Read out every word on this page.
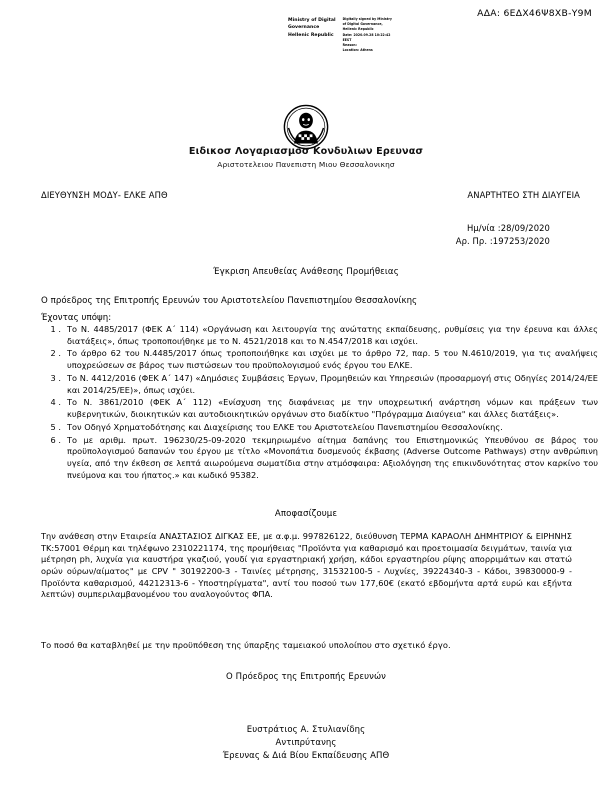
ΑΔΑ: 6ΕΔΧ46Ψ8ΧΒ-Υ9Μ
Ministry of Digital
Governance
Hellenic Republic
Digitally signed by Ministry
of Digital Governance,
Hellenic Republic
Date: 2020.09.28 10:22:42
EEST
Reason:
Location: Athens
Ειδικοσ Λογαριασμοσ Κονδυλιων Ερευνασ
Αριστοτελειου Πανεπιστη Μιου Θεσσαλονικησ
ΔΙΕΥΘΥΝΣΗ ΜΟΔΥ- ΕΛΚΕ ΑΠΘ	ΑΝΑΡΤΗΤΕΟ ΣΤΗ ΔΙΑΥΓΕΙΑ
Ημ/νία :28/09/2020
Αρ. Πρ. :197253/2020
Έγκριση Απευθείας Ανάθεσης Προμήθειας
Ο πρόεδρος της Επιτροπής Ερευνών του Αριστοτελείου Πανεπιστημίου Θεσσαλονίκης
Έχοντας υπόψη:
1 . Το Ν. 4485/2017 (ΦΕΚ Α΄ 114) «Οργάνωση και λειτουργία της ανώτατης εκπαίδευσης, ρυθμίσεις για την έρευνα και άλλες διατάξεις», όπως τροποποιήθηκε με το Ν. 4521/2018 και το Ν.4547/2018 και ισχύει.
2 . Το άρθρο 62 του Ν.4485/2017 όπως τροποποιήθηκε και ισχύει με το άρθρο 72, παρ. 5 του Ν.4610/2019, για τις αναλήψεις υποχρεώσεων σε βάρος των πιστώσεων του προϋπολογισμού ενός έργου του ΕΛΚΕ.
3 . Το Ν. 4412/2016 (ΦΕΚ Α΄ 147) «Δημόσιες Συμβάσεις Έργων, Προμηθειών και Υπηρεσιών (προσαρμογή στις Οδηγίες 2014/24/ΕΕ και 2014/25/ΕΕ)», όπως ισχύει.
4 . Το Ν. 3861/2010 (ΦΕΚ Α΄ 112) «Ενίσχυση της διαφάνειας με την υποχρεωτική ανάρτηση νόμων και πράξεων των κυβερνητικών, διοικητικών και αυτοδιοικητικών οργάνων στο διαδίκτυο "Πρόγραμμα Διαύγεια" και άλλες διατάξεις».
5 . Τον Οδηγό Χρηματοδότησης και Διαχείρισης του ΕΛΚΕ του Αριστοτελείου Πανεπιστημίου Θεσσαλονίκης.
6 . Το με αριθμ. πρωτ. 196230/25-09-2020 τεκμηριωμένο αίτημα δαπάνης του Επιστημονικώς Υπευθύνου σε βάρος του προϋπολογισμού δαπανών του έργου με τίτλο «Μονοπάτια δυσμενούς έκβασης (Adverse Outcome Pathways) στην ανθρώπινη υγεία, από την έκθεση σε λεπτά αιωρούμενα σωματίδια στην ατμόσφαιρα: Αξιολόγηση της επικινδυνότητας στον καρκίνο του πνεύμονα και του ήπατος.» και κωδικό 95382.
Αποφασίζουμε
Την ανάθεση στην Εταιρεία ΑΝΑΣΤΑΣΙΟΣ ΔΙΓΚΑΣ ΕΕ, με α.φ.μ. 997826122, διεύθυνση ΤΕΡΜΑ ΚΑΡΑΟΛΗ ΔΗΜΗΤΡΙΟΥ & ΕΙΡΗΝΗΣ ΤΚ:57001 Θέρμη και τηλέφωνο 2310221174, της προμήθειας "Προϊόντα για καθαρισμό και προετοιμασία δειγμάτων, ταινία για μέτρηση ph, λυχνία για καυστήρα γκαζιού, γουδί για εργαστηριακή χρήση, κάδοι εργαστηρίου ρίψης απορριμάτων και στατώ ορών ούρων/αίματος" με CPV " 30192200-3 - Ταινίες μέτρησης, 31532100-5 - Λυχνίες, 39224340-3 - Κάδοι, 39830000-9 - Προϊόντα καθαρισμού, 44212313-6 - Υποστηρίγματα", αντί του ποσού των 177,60€ (εκατό εβδομήντα αρτά ευρώ και εξήντα λεπτών) συμπεριλαμβανομένου του αναλογούντος ΦΠΑ.
Το ποσό θα καταβληθεί με την προϋπόθεση της ύπαρξης ταμειακού υπολοίπου στο σχετικό έργο.
Ο Πρόεδρος της Επιτροπής Ερευνών
Ευστράτιος Α. Στυλιανίδης
Αντιπρύτανης
Έρευνας & Διά Βίου Εκπαίδευσης ΑΠΘ
